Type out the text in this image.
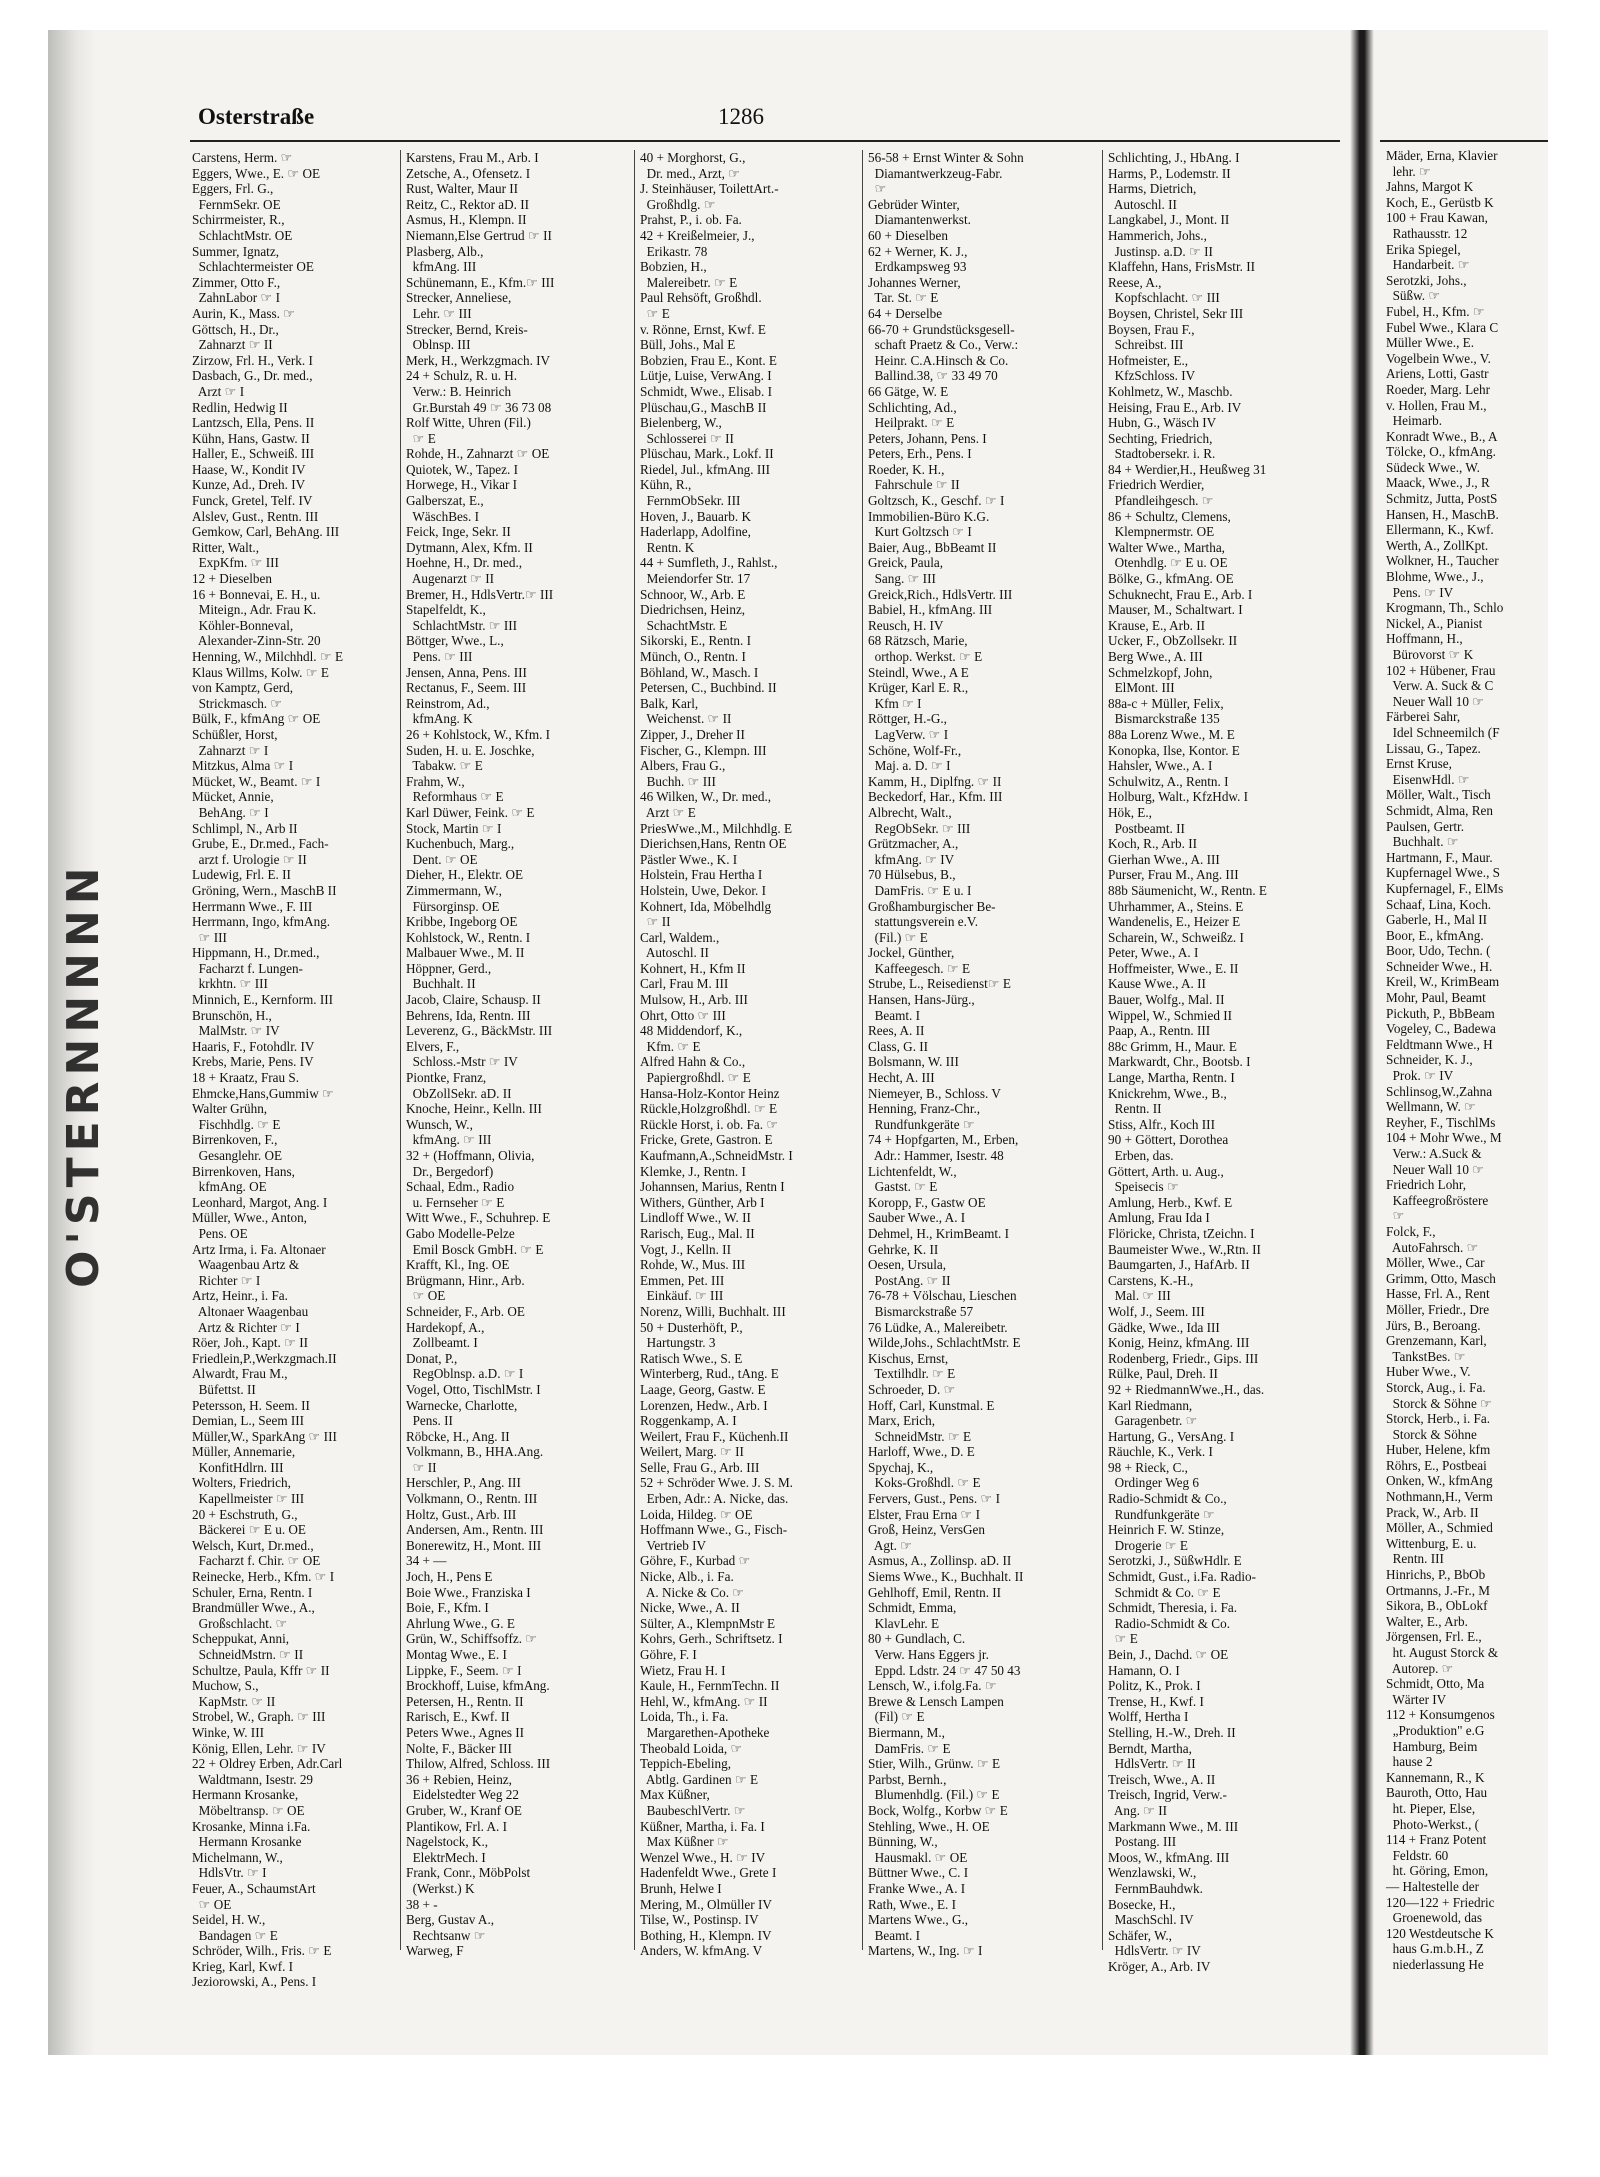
O'STERNNNNN
Osterstraße	1286
Carstens, Herm. ☞
Eggers, Wwe., E. ☞ OE
Eggers, Frl. G.,
FernmSekr. OE
Schirrmeister, R.,
SchlachtMstr. OE
Summer, Ignatz,
Schlachtermeister OE
Zimmer, Otto F.,
ZahnLabor ☞ I
Aurin, K., Mass. ☞
Göttsch, H., Dr.,
Zahnarzt ☞ II
Zirzow, Frl. H., Verk. I
Dasbach, G., Dr. med.,
Arzt ☞ I
Redlin, Hedwig II
Lantzsch, Ella, Pens. II
Kühn, Hans, Gastw. II
Haller, E., Schweiß. III
Haase, W., Kondit IV
Kunze, Ad., Dreh. IV
Funck, Gretel, Telf. IV
Alslev, Gust., Rentn. III
Gemkow, Carl, BehAng. III
Ritter, Walt.,
ExpKfm. ☞ III
12 + Dieselben
16 + Bonnevai, E. H., u.
Miteign., Adr. Frau K.
Köhler-Bonneval,
Alexander-Zinn-Str. 20
Henning, W., Milchhdl. ☞ E
Klaus Willms, Kolw. ☞ E
von Kamptz, Gerd,
Strickmasch. ☞
Bülk, F., kfmAng ☞ OE
Schüßler, Horst,
Zahnarzt ☞ I
Mitzkus, Alma ☞ I
Mücket, W., Beamt. ☞ I
Mücket, Annie,
BehAng. ☞ I
Schlimpl, N., Arb II
Grube, E., Dr.med., Fach-
arzt f. Urologie ☞ II
Ludewig, Frl. E. II
Gröning, Wern., MaschB II
Herrmann Wwe., F. III
Herrmann, Ingo, kfmAng.
☞ III
Hippmann, H., Dr.med.,
Facharzt f. Lungen-
krkhtn. ☞ III
Minnich, E., Kernform. III
Brunschön, H.,
MalMstr. ☞ IV
Haaris, F., Fotohdlr. IV
Krebs, Marie, Pens. IV
18 + Kraatz, Frau S.
Ehmcke,Hans,Gummiw ☞
Walter Grühn,
Fischhdlg. ☞ E
Birrenkoven, F.,
Gesanglehr. OE
Birrenkoven, Hans,
kfmAng. OE
Leonhard, Margot, Ang. I
Müller, Wwe., Anton,
Pens. OE
Artz Irma, i. Fa. Altonaer
Waagenbau Artz &
Richter ☞ I
Artz, Heinr., i. Fa.
Altonaer Waagenbau
Artz & Richter ☞ I
Röer, Joh., Kapt. ☞ II
Friedlein,P.,Werkzgmach.II
Alwardt, Frau M.,
Büfettst. II
Petersson, H. Seem. II
Demian, L., Seem III
Müller,W., SparkAng ☞ III
Müller, Annemarie,
KonfitHdlrn. III
Wolters, Friedrich,
Kapellmeister ☞ III
20 + Eschstruth, G.,
Bäckerei ☞ E u. OE
Welsch, Kurt, Dr.med.,
Facharzt f. Chir. ☞ OE
Reinecke, Herb., Kfm. ☞ I
Schuler, Erna, Rentn. I
Brandmüller Wwe., A.,
Großschlacht. ☞
Scheppukat, Anni,
SchneidMstrn. ☞ II
Schultze, Paula, Kffr ☞ II
Muchow, S.,
KapMstr. ☞ II
Strobel, W., Graph. ☞ III
Winke, W. III
König, Ellen, Lehr. ☞ IV
22 + Oldrey Erben, Adr.Carl
Waldtmann, Isestr. 29
Hermann Krosanke,
Möbeltransp. ☞ OE
Krosanke, Minna i.Fa.
Hermann Krosanke
Michelmann, W.,
HdlsVtr. ☞ I
Feuer, A., SchaumstArt
☞ OE
Seidel, H. W.,
Bandagen ☞ E
Schröder, Wilh., Fris. ☞ E
Krieg, Karl, Kwf. I
Jeziorowski, A., Pens. I
Karstens, Frau M., Arb. I
Zetsche, A., Ofensetz. I
Rust, Walter, Maur II
Reitz, C., Rektor aD. II
Asmus, H., Klempn. II
Niemann,Else Gertrud ☞ II
Plasberg, Alb.,
kfmAng. III
Schünemann, E., Kfm.☞ III
Strecker, Anneliese,
Lehr. ☞ III
Strecker, Bernd, Kreis-
Oblnsp. III
Merk, H., Werkzgmach. IV
24 + Schulz, R. u. H.
Verw.: B. Heinrich
Gr.Burstah 49 ☞ 36 73 08
Rolf Witte, Uhren (Fil.)
☞ E
Rohde, H., Zahnarzt ☞ OE
Quiotek, W., Tapez. I
Horwege, H., Vikar I
Galberszat, E.,
WäschBes. I
Feick, Inge, Sekr. II
Dytmann, Alex, Kfm. II
Hoehne, H., Dr. med.,
Augenarzt ☞ II
Bremer, H., HdlsVertr.☞ III
Stapelfeldt, K.,
SchlachtMstr. ☞ III
Böttger, Wwe., L.,
Pens. ☞ III
Jensen, Anna, Pens. III
Rectanus, F., Seem. III
Reinstrom, Ad.,
kfmAng. K
26 + Kohlstock, W., Kfm. I
Suden, H. u. E. Joschke,
Tabakw. ☞ E
Frahm, W.,
Reformhaus ☞ E
Karl Düwer, Feink. ☞ E
Stock, Martin ☞ I
Kuchenbuch, Marg.,
Dent. ☞ OE
Dieher, H., Elektr. OE
Zimmermann, W.,
Fürsorginsp. OE
Kribbe, Ingeborg OE
Kohlstock, W., Rentn. I
Malbauer Wwe., M. II
Höppner, Gerd.,
Buchhalt. II
Jacob, Claire, Schausp. II
Behrens, Ida, Rentn. III
Leverenz, G., BäckMstr. III
Elvers, F.,
Schloss.-Mstr ☞ IV
Piontke, Franz,
ObZollSekr. aD. II
Knoche, Heinr., Kelln. III
Wunsch, W.,
kfmAng. ☞ III
32 + (Hoffmann, Olivia,
Dr., Bergedorf)
Schaal, Edm., Radio
u. Fernseher ☞ E
Witt Wwe., F., Schuhrep. E
Gabo Modelle-Pelze
Emil Bosck GmbH. ☞ E
Krafft, Kl., Ing. OE
Brügmann, Hinr., Arb.
☞ OE
Schneider, F., Arb. OE
Hardekopf, A.,
Zollbeamt. I
Donat, P.,
RegOblnsp. a.D. ☞ I
Vogel, Otto, TischlMstr. I
Warnecke, Charlotte,
Pens. II
Röbcke, H., Ang. II
Volkmann, B., HHA.Ang.
☞ II
Herschler, P., Ang. III
Volkmann, O., Rentn. III
Holtz, Gust., Arb. III
Andersen, Am., Rentn. III
Bonerewitz, H., Mont. III
34 + —
Joch, H., Pens E
Boie Wwe., Franziska I
Boie, F., Kfm. I
Ahrlung Wwe., G. E
Grün, W., Schiffsoffz. ☞
Montag Wwe., E. I
Lippke, F., Seem. ☞ I
Brockhoff, Luise, kfmAng.
Petersen, H., Rentn. II
Rarisch, E., Kwf. II
Peters Wwe., Agnes II
Nolte, F., Bäcker III
Thilow, Alfred, Schloss. III
36 + Rebien, Heinz,
Eidelstedter Weg 22
Gruber, W., Kranf OE
Plantikow, Frl. A. I
Nagelstock, K.,
ElektrMech. I
Frank, Conr., MöbPolst
(Werkst.) K
38 + -
Berg, Gustav A.,
Rechtsanw ☞
Warweg, F
40 + Morghorst, G.,
Dr. med., Arzt, ☞
J. Steinhäuser, ToilettArt.-
Großhdlg. ☞
Prahst, P., i. ob. Fa.
42 + Kreißelmeier, J.,
Erikastr. 78
Bobzien, H.,
Malereibetr. ☞ E
Paul Rehsöft, Großhdl.
☞ E
v. Rönne, Ernst, Kwf. E
Büll, Johs., Mal E
Bobzien, Frau E., Kont. E
Lütje, Luise, VerwAng. I
Schmidt, Wwe., Elisab. I
Plüschau,G., MaschB II
Bielenberg, W.,
Schlosserei ☞ II
Plüschau, Mark., Lokf. II
Riedel, Jul., kfmAng. III
Kühn, R.,
FernmObSekr. III
Hoven, J., Bauarb. K
Haderlapp, Adolfine,
Rentn. K
44 + Sumfleth, J., Rahlst.,
Meiendorfer Str. 17
Schnoor, W., Arb. E
Diedrichsen, Heinz,
SchachtMstr. E
Sikorski, E., Rentn. I
Münch, O., Rentn. I
Böhland, W., Masch. I
Petersen, C., Buchbind. II
Balk, Karl,
Weichenst. ☞ II
Zipper, J., Dreher II
Fischer, G., Klempn. III
Albers, Frau G.,
Buchh. ☞ III
46 Wilken, W., Dr. med.,
Arzt ☞ E
PriesWwe.,M., Milchhdlg. E
Dierichsen,Hans, Rentn OE
Pästler Wwe., K. I
Holstein, Frau Hertha I
Holstein, Uwe, Dekor. I
Kohnert, Ida, Möbelhdlg
☞ II
Carl, Waldem.,
Autoschl. II
Kohnert, H., Kfm II
Carl, Frau M. III
Mulsow, H., Arb. III
Ohrt, Otto ☞ III
48 Middendorf, K.,
Kfm. ☞ E
Alfred Hahn & Co.,
Papiergroßhdl. ☞ E
Hansa-Holz-Kontor Heinz
Rückle,Holzgroßhdl. ☞ E
Rückle Horst, i. ob. Fa. ☞
Fricke, Grete, Gastron. E
Kaufmann,A.,SchneidMstr. I
Klemke, J., Rentn. I
Johannsen, Marius, Rentn I
Withers, Günther, Arb I
Lindloff Wwe., W. II
Rarisch, Eug., Mal. II
Vogt, J., Kelln. II
Rohde, W., Mus. III
Emmen, Pet. III
Einkäuf. ☞ III
Norenz, Willi, Buchhalt. III
50 + Dusterhöft, P.,
Hartungstr. 3
Ratisch Wwe., S. E
Winterberg, Rud., tAng. E
Laage, Georg, Gastw. E
Lorenzen, Hedw., Arb. I
Roggenkamp, A. I
Weilert, Frau F., Küchenh.II
Weilert, Marg. ☞ II
Selle, Frau G., Arb. III
52 + Schröder Wwe. J. S. M.
Erben, Adr.: A. Nicke, das.
Loida, Hildeg. ☞ OE
Hoffmann Wwe., G., Fisch-
Vertrieb IV
Göhre, F., Kurbad ☞
Nicke, Alb., i. Fa.
A. Nicke & Co. ☞
Nicke, Wwe., A. II
Sülter, A., KlempnMstr E
Kohrs, Gerh., Schriftsetz. I
Göhre, F. I
Wietz, Frau H. I
Kaule, H., FernmTechn. II
Hehl, W., kfmAng. ☞ II
Loida, Th., i. Fa.
Margarethen-Apotheke
Theobald Loida, ☞
Teppich-Ebeling,
Abtlg. Gardinen ☞ E
Max Küßner,
BaubeschlVertr. ☞
Küßner, Martha, i. Fa. I
Max Küßner ☞
Wenzel Wwe., H. ☞ IV
Hadenfeldt Wwe., Grete I
Brunh, Helwe I
Mering, M., Olmüller IV
Tilse, W., Postinsp. IV
Bothing, H., Klempn. IV
Anders, W. kfmAng. V
56-58 + Ernst Winter & Sohn
Diamantwerkzeug-Fabr.
☞
Gebrüder Winter,
Diamantenwerkst.
60 + Dieselben
62 + Werner, K. J.,
Erdkampsweg 93
Johannes Werner,
Tar. St. ☞ E
64 + Derselbe
66-70 + Grundstücksgesell-
schaft Praetz & Co., Verw.:
Heinr. C.A.Hinsch & Co.
Ballind.38, ☞ 33 49 70
66 Gätge, W. E
Schlichting, Ad.,
Heilprakt. ☞ E
Peters, Johann, Pens. I
Peters, Erh., Pens. I
Roeder, K. H.,
Fahrschule ☞ II
Goltzsch, K., Geschf. ☞ I
Immobilien-Büro K.G.
Kurt Goltzsch ☞ I
Baier, Aug., BbBeamt II
Greick, Paula,
Sang. ☞ III
Greick,Rich., HdlsVertr. III
Babiel, H., kfmAng. III
Reusch, H. IV
68 Rätzsch, Marie,
orthop. Werkst. ☞ E
Steindl, Wwe., A E
Krüger, Karl E. R.,
Kfm ☞ I
Röttger, H.-G.,
LagVerw. ☞ I
Schöne, Wolf-Fr.,
Maj. a. D. ☞ I
Kamm, H., Diplfng. ☞ II
Beckedorf, Har., Kfm. III
Albrecht, Walt.,
RegObSekr. ☞ III
Grützmacher, A.,
kfmAng. ☞ IV
70 Hülsebus, B.,
DamFris. ☞ E u. I
Großhamburgischer Be-
stattungsverein e.V.
(Fil.) ☞ E
Jockel, Günther,
Kaffeegesch. ☞ E
Strube, L., Reisedienst☞ E
Hansen, Hans-Jürg.,
Beamt. I
Rees, A. II
Class, G. II
Bolsmann, W. III
Hecht, A. III
Niemeyer, B., Schloss. V
Henning, Franz-Chr.,
Rundfunkgeräte ☞
74 + Hopfgarten, M., Erben,
Adr.: Hammer, Isestr. 48
Lichtenfeldt, W.,
Gastst. ☞ E
Koropp, F., Gastw OE
Sauber Wwe., A. I
Dehmel, H., KrimBeamt. I
Gehrke, K. II
Oesen, Ursula,
PostAng. ☞ II
76-78 + Völschau, Lieschen
Bismarckstraße 57
76 Lüdke, A., Malereibetr.
Wilde,Johs., SchlachtMstr. E
Kischus, Ernst,
Textilhdlr. ☞ E
Schroeder, D. ☞
Hoff, Carl, Kunstmal. E
Marx, Erich,
SchneidMstr. ☞ E
Harloff, Wwe., D. E
Spychaj, K.,
Koks-Großhdl. ☞ E
Fervers, Gust., Pens. ☞ I
Elster, Frau Erna ☞ I
Groß, Heinz, VersGen
Agt. ☞
Asmus, A., Zollinsp. aD. II
Siems Wwe., K., Buchhalt. II
Gehlhoff, Emil, Rentn. II
Schmidt, Emma,
KlavLehr. E
80 + Gundlach, C.
Verw. Hans Eggers jr.
Eppd. Ldstr. 24 ☞ 47 50 43
Lensch, W., i.folg.Fa. ☞
Brewe & Lensch Lampen
(Fil) ☞ E
Biermann, M.,
DamFris. ☞ E
Stier, Wilh., Grünw. ☞ E
Parbst, Bernh.,
Blumenhdlg. (Fil.) ☞ E
Bock, Wolfg., Korbw ☞ E
Stehling, Wwe., H. OE
Bünning, W.,
Hausmakl. ☞ OE
Büttner Wwe., C. I
Franke Wwe., A. I
Rath, Wwe., E. I
Martens Wwe., G.,
Beamt. I
Martens, W., Ing. ☞ I
Schlichting, J., HbAng. I
Harms, P., Lodemstr. II
Harms, Dietrich,
Autoschl. II
Langkabel, J., Mont. II
Hammerich, Johs.,
Justinsp. a.D. ☞ II
Klaffehn, Hans, FrisMstr. II
Reese, A.,
Kopfschlacht. ☞ III
Boysen, Christel, Sekr III
Boysen, Frau F.,
Schreibst. III
Hofmeister, E.,
KfzSchloss. IV
Kohlmetz, W., Maschb.
Heising, Frau E., Arb. IV
Hubn, G., Wäsch IV
Sechting, Friedrich,
Stadtobersekr. i. R.
84 + Werdier,H., Heußweg 31
Friedrich Werdier,
Pfandleihgesch. ☞
86 + Schultz, Clemens,
Klempnermstr. OE
Walter Wwe., Martha,
Otenhdlg. ☞ E u. OE
Bölke, G., kfmAng. OE
Schuknecht, Frau E., Arb. I
Mauser, M., Schaltwart. I
Krause, E., Arb. II
Ucker, F., ObZollsekr. II
Berg Wwe., A. III
Schmelzkopf, John,
ElMont. III
88a-c + Müller, Felix,
Bismarckstraße 135
88a Lorenz Wwe., M. E
Konopka, Ilse, Kontor. E
Hahsler, Wwe., A. I
Schulwitz, A., Rentn. I
Holburg, Walt., KfzHdw. I
Hök, E.,
Postbeamt. II
Koch, R., Arb. II
Gierhan Wwe., A. III
Purser, Frau M., Ang. III
88b Säumenicht, W., Rentn. E
Uhrhammer, A., Steins. E
Wandenelis, E., Heizer E
Scharein, W., Schweißz. I
Peter, Wwe., A. I
Hoffmeister, Wwe., E. II
Kause Wwe., A. II
Bauer, Wolfg., Mal. II
Wippel, W., Schmied II
Paap, A., Rentn. III
88c Grimm, H., Maur. E
Markwardt, Chr., Bootsb. I
Lange, Martha, Rentn. I
Knickrehm, Wwe., B.,
Rentn. II
Stiss, Alfr., Koch III
90 + Göttert, Dorothea
Erben, das.
Göttert, Arth. u. Aug.,
Speisecis ☞
Amlung, Herb., Kwf. E
Amlung, Frau Ida I
Flöricke, Christa, tZeichn. I
Baumeister Wwe., W.,Rtn. II
Baumgarten, J., HafArb. II
Carstens, K.-H.,
Mal. ☞ III
Wolf, J., Seem. III
Gädke, Wwe., Ida III
Konig, Heinz, kfmAng. III
Rodenberg, Friedr., Gips. III
Rülke, Paul, Dreh. II
92 + RiedmannWwe.,H., das.
Karl Riedmann,
Garagenbetr. ☞
Hartung, G., VersAng. I
Räuchle, K., Verk. I
98 + Rieck, C.,
Ordinger Weg 6
Radio-Schmidt & Co.,
Rundfunkgeräte ☞
Heinrich F. W. Stinze,
Drogerie ☞ E
Serotzki, J., SüßwHdlr. E
Schmidt, Gust., i.Fa. Radio-
Schmidt & Co. ☞ E
Schmidt, Theresia, i. Fa.
Radio-Schmidt & Co.
☞ E
Bein, J., Dachd. ☞ OE
Hamann, O. I
Politz, K., Prok. I
Trense, H., Kwf. I
Wolff, Hertha I
Stelling, H.-W., Dreh. II
Berndt, Martha,
HdlsVertr. ☞ II
Treisch, Wwe., A. II
Treisch, Ingrid, Verw.-
Ang. ☞ II
Markmann Wwe., M. III
Postang. III
Moos, W., kfmAng. III
Wenzlawski, W.,
FernmBauhdwk.
Bosecke, H.,
MaschSchl. IV
Schäfer, W.,
HdlsVertr. ☞ IV
Kröger, A., Arb. IV
Mäder, Erna, Klavier
lehr. ☞
Jahns, Margot K
Koch, E., Gerüstb K
100 + Frau Kawan,
Rathausstr. 12
Erika Spiegel,
Handarbeit. ☞
Serotzki, Johs.,
Süßw. ☞
Fubel, H., Kfm. ☞
Fubel Wwe., Klara C
Müller Wwe., E.
Vogelbein Wwe., V.
Ariens, Lotti, Gastr
Roeder, Marg. Lehr
v. Hollen, Frau M.,
Heimarb.
Konradt Wwe., B., A
Tölcke, O., kfmAng.
Südeck Wwe., W.
Maack, Wwe., J., R
Schmitz, Jutta, PostS
Hansen, H., MaschB.
Ellermann, K., Kwf.
Werth, A., ZollKpt.
Wolkner, H., Taucher
Blohme, Wwe., J.,
Pens. ☞ IV
Krogmann, Th., Schlo
Nickel, A., Pianist
Hoffmann, H.,
Bürovorst ☞ K
102 + Hübener, Frau
Verw. A. Suck & C
Neuer Wall 10 ☞
Färberei Sahr,
Idel Schneemilch (F
Lissau, G., Tapez.
Ernst Kruse,
EisenwHdl. ☞
Möller, Walt., Tisch
Schmidt, Alma, Ren
Paulsen, Gertr.
Buchhalt. ☞
Hartmann, F., Maur.
Kupfernagel Wwe., S
Kupfernagel, F., ElMs
Schaaf, Lina, Koch.
Gaberle, H., Mal II
Boor, E., kfmAng.
Boor, Udo, Techn. (
Schneider Wwe., H.
Kreil, W., KrimBeam
Mohr, Paul, Beamt
Pickuth, P., BbBeam
Vogeley, C., Badewa
Feldtmann Wwe., H
Schneider, K. J.,
Prok. ☞ IV
Schlinsog,W.,Zahna
Wellmann, W. ☞
Reyher, F., TischlMs
104 + Mohr Wwe., M
Verw.: A.Suck &
Neuer Wall 10 ☞
Friedrich Lohr,
Kaffeegroßröstere
☞
Folck, F.,
AutoFahrsch. ☞
Möller, Wwe., Car
Grimm, Otto, Masch
Hasse, Frl. A., Rent
Möller, Friedr., Dre
Jürs, B., Beroang.
Grenzemann, Karl,
TankstBes. ☞
Huber Wwe., V.
Storck, Aug., i. Fa.
Storck & Söhne ☞
Storck, Herb., i. Fa.
Storck & Söhne
Huber, Helene, kfm
Röhrs, E., Postbeai
Onken, W., kfmAng
Nothmann,H., Verm
Prack, W., Arb. II
Möller, A., Schmied
Wittenburg, E. u.
Rentn. III
Hinrichs, P., BbOb
Ortmanns, J.-Fr., M
Sikora, B., ObLokf
Walter, E., Arb.
Jörgensen, Frl. E.,
ht. August Storck &
Autorep. ☞
Schmidt, Otto, Ma
Wärter IV
112 + Konsumgenos
„Produktion" e.G
Hamburg, Beim
hause 2
Kannemann, R., K
Bauroth, Otto, Hau
ht. Pieper, Else,
Photo-Werkst., (
114 + Franz Potent
Feldstr. 60
ht. Göring, Emon,
— Haltestelle der
120—122 + Friedric
Groenewold, das
120 Westdeutsche K
haus G.m.b.H., Z
niederlassung He
